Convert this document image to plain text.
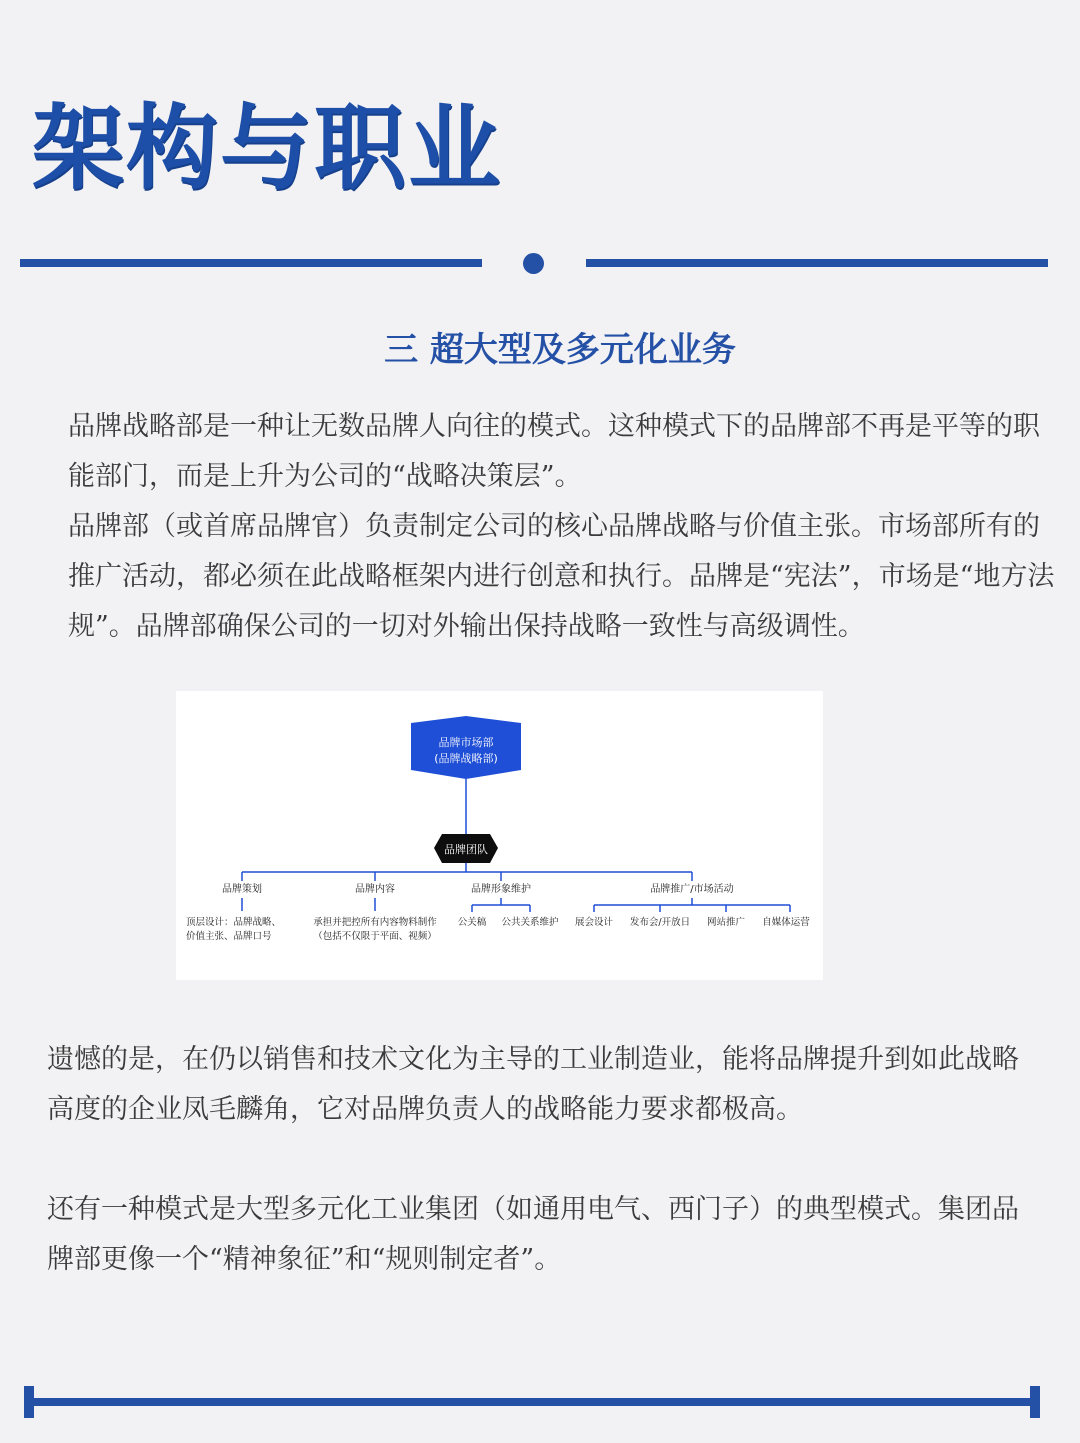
架构与职业
三 超大型及多元化业务

品牌战略部是一种让无数品牌人向往的模式。这种模式下的品牌部不再是平等的职能部门，而是上升为公司的“战略决策层”。

品牌部（或首席品牌官）负责制定公司的核心品牌战略与价值主张。市场部所有的推广活动，都必须在此战略框架内进行创意和执行。品牌是“宪法”，市场是“地方法规”。品牌部确保公司的一切对外输出保持战略一致性与高级调性。

品牌市场部
(品牌战略部)
品牌团队
品牌策划	品牌内容	品牌形象维护	品牌推广/市场活动
顶层设计：品牌战略、
价值主张、品牌口号
承担并把控所有内容物料制作
（包括不仅限于平面、视频）
公关稿 公共关系维护 展会设计 发布会/开放日 网站推广 自媒体运营

遗憾的是，在仍以销售和技术文化为主导的工业制造业，能将品牌提升到如此战略高度的企业凤毛麟角，它对品牌负责人的战略能力要求都极高。

还有一种模式是大型多元化工业集团（如通用电气、西门子）的典型模式。集团品牌部更像一个“精神象征”和“规则制定者”。
